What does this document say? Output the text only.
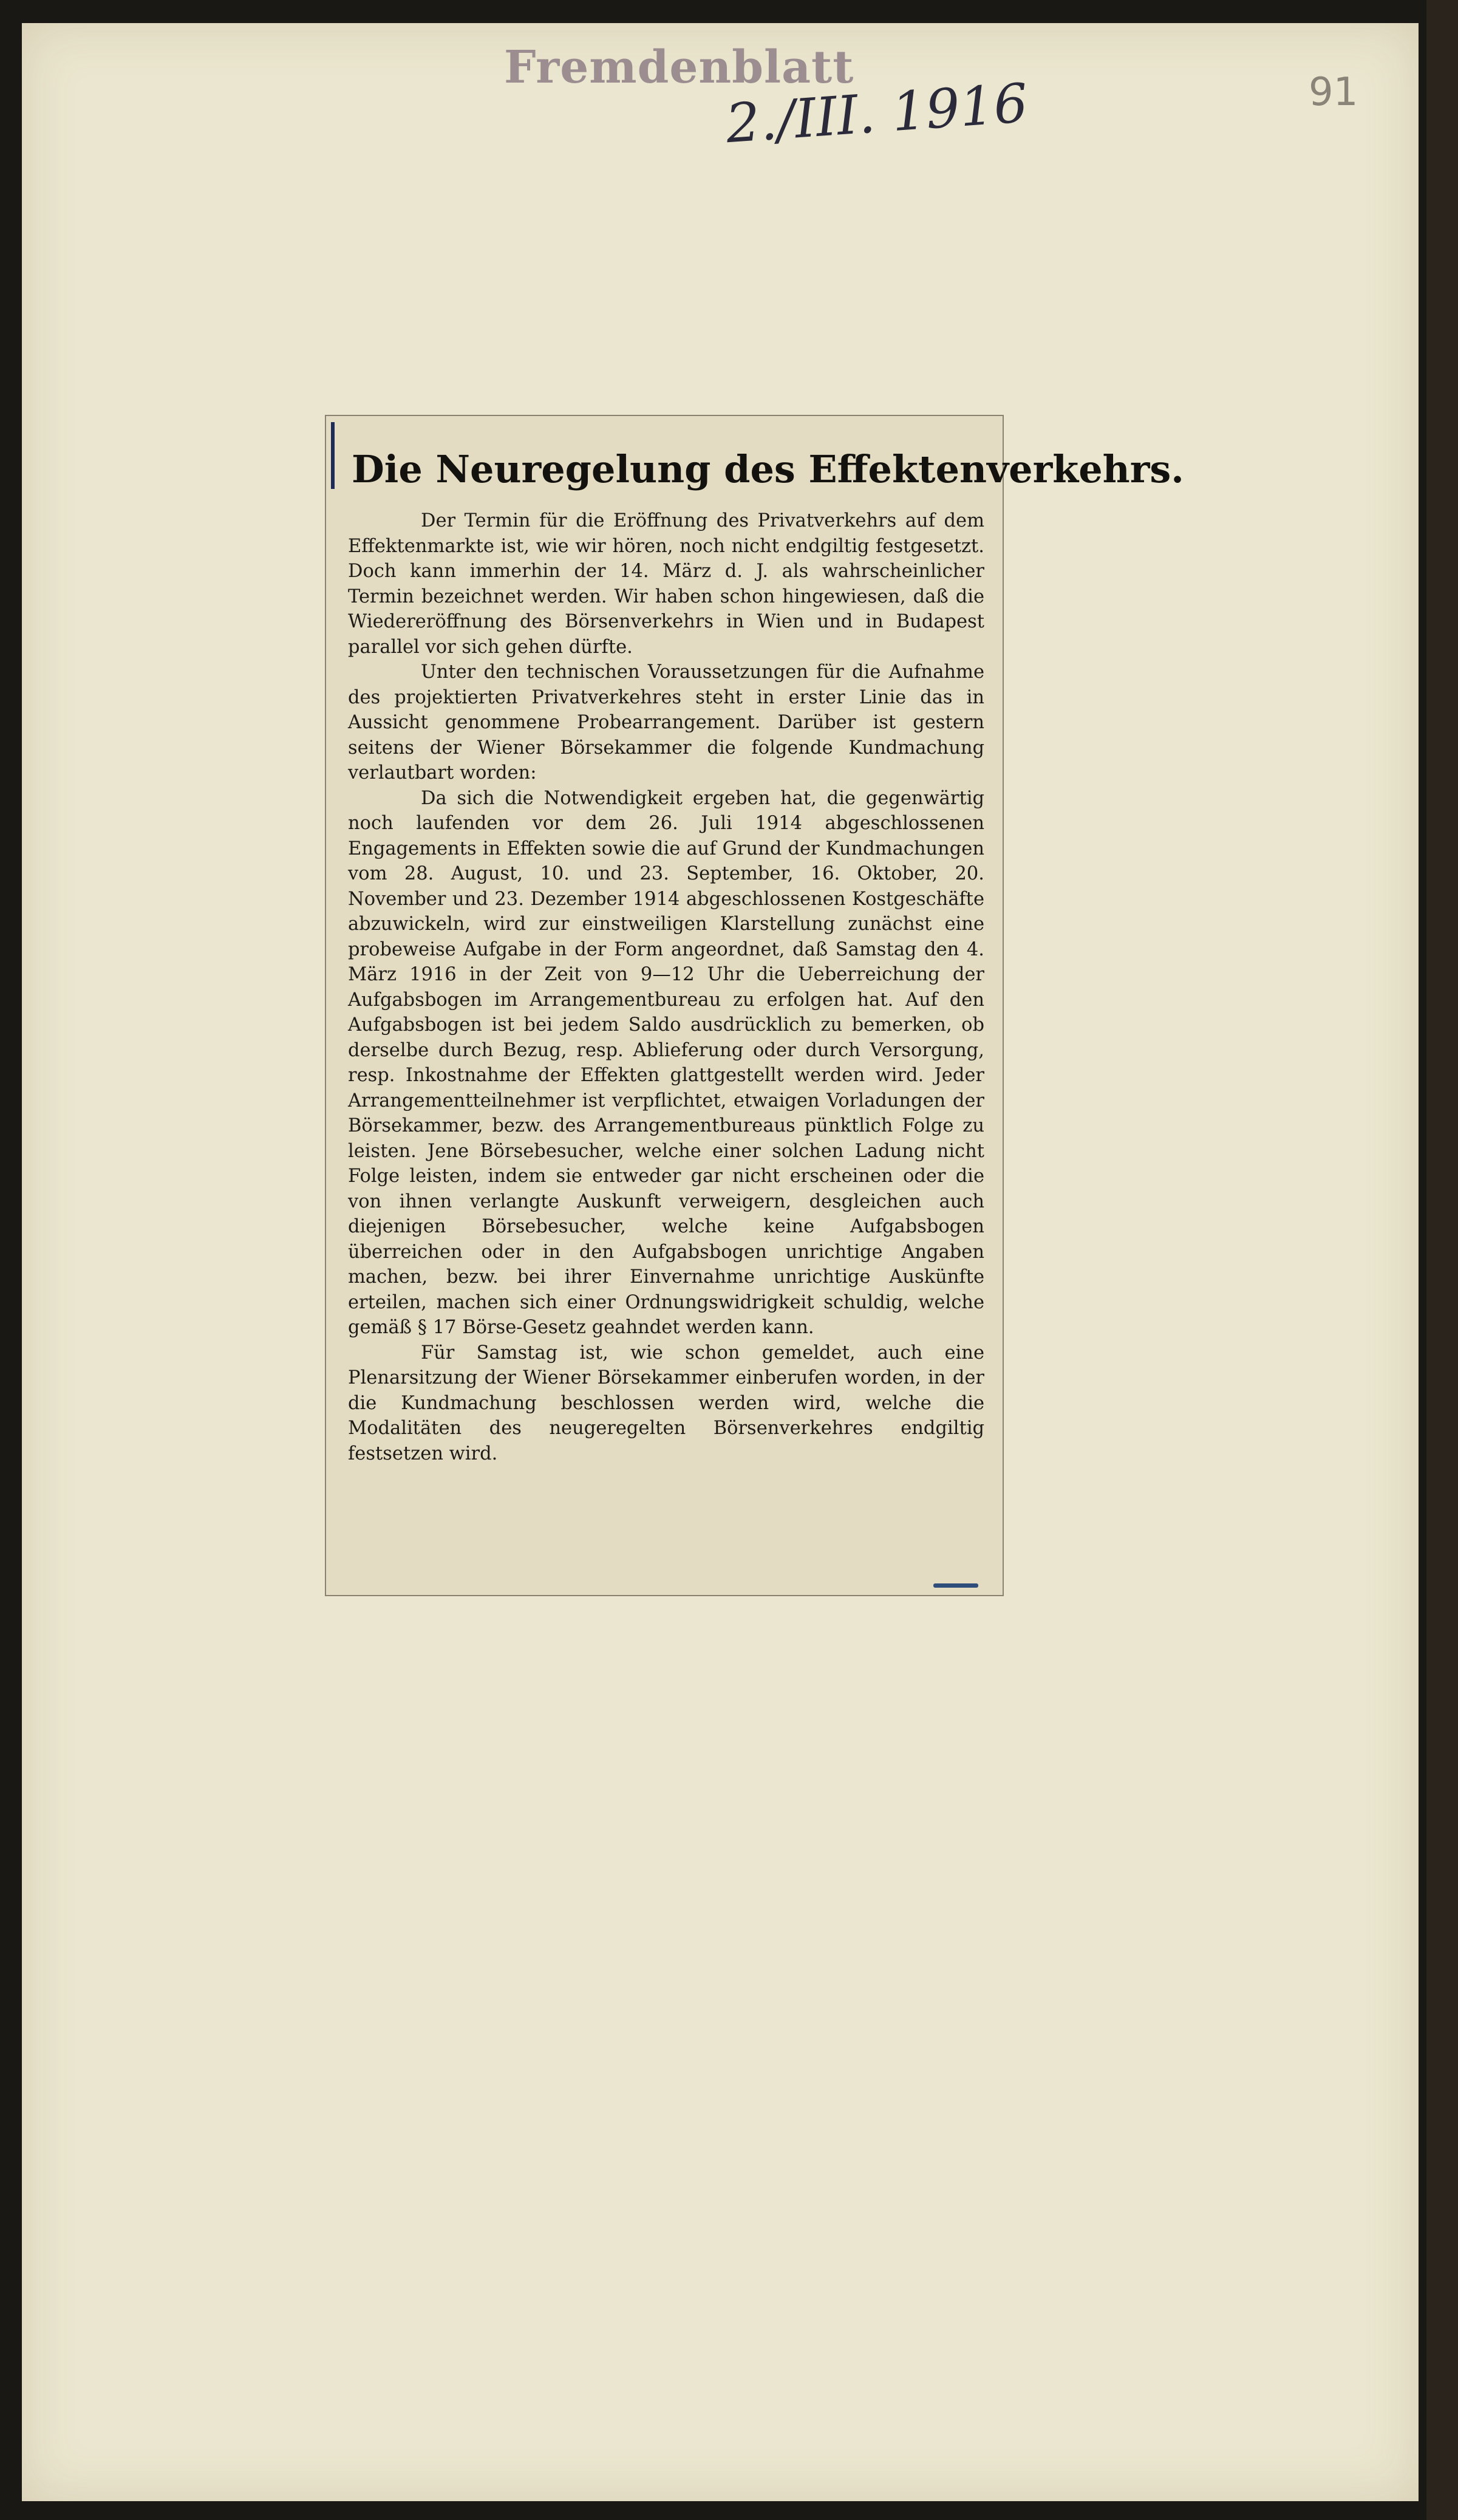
Fremdenblatt
2./III. 1916	91
Die Neuregelung des Effektenverkehrs.

Der Termin für die Eröffnung des Privatverkehrs auf dem Effektenmarkte ist, wie wir hören, noch nicht endgiltig festgesetzt. Doch kann immerhin der 14. März d. J. als wahrscheinlicher Termin bezeichnet werden. Wir haben schon hingewiesen, daß die Wiedereröffnung des Börsenverkehrs in Wien und in Budapest parallel vor sich gehen dürfte.

Unter den technischen Voraussetzungen für die Aufnahme des projektierten Privatverkehres steht in erster Linie das in Aussicht genommene Probearrangement. Darüber ist gestern seitens der Wiener Börsekammer die folgende Kundmachung verlautbart worden:

Da sich die Notwendigkeit ergeben hat, die gegenwärtig noch laufenden vor dem 26. Juli 1914 abgeschlossenen Engagements in Effekten sowie die auf Grund der Kundmachungen vom 28. August, 10. und 23. September, 16. Oktober, 20. November und 23. Dezember 1914 abgeschlossenen Kostgeschäfte abzuwickeln, wird zur einstweiligen Klarstellung zunächst eine probeweise Aufgabe in der Form angeordnet, daß Samstag den 4. März 1916 in der Zeit von 9—12 Uhr die Ueberreichung der Aufgabsbogen im Arrangementbureau zu erfolgen hat. Auf den Aufgabsbogen ist bei jedem Saldo ausdrücklich zu bemerken, ob derselbe durch Bezug, resp. Ablieferung oder durch Versorgung, resp. Inkostnahme der Effekten glattgestellt werden wird. Jeder Arrangementteilnehmer ist verpflichtet, etwaigen Vorladungen der Börsekammer, bezw. des Arrangementbureaus pünktlich Folge zu leisten. Jene Börsebesucher, welche einer solchen Ladung nicht Folge leisten, indem sie entweder gar nicht erscheinen oder die von ihnen verlangte Auskunft verweigern, desgleichen auch diejenigen Börsebesucher, welche keine Aufgabsbogen überreichen oder in den Aufgabsbogen unrichtige Angaben machen, bezw. bei ihrer Einvernahme unrichtige Auskünfte erteilen, machen sich einer Ordnungswidrigkeit schuldig, welche gemäß § 17 Börse-Gesetz geahndet werden kann.

Für Samstag ist, wie schon gemeldet, auch eine Plenarsitzung der Wiener Börsekammer einberufen worden, in der die Kundmachung beschlossen werden wird, welche die Modalitäten des neugeregelten Börsenverkehres endgiltig festsetzen wird.
